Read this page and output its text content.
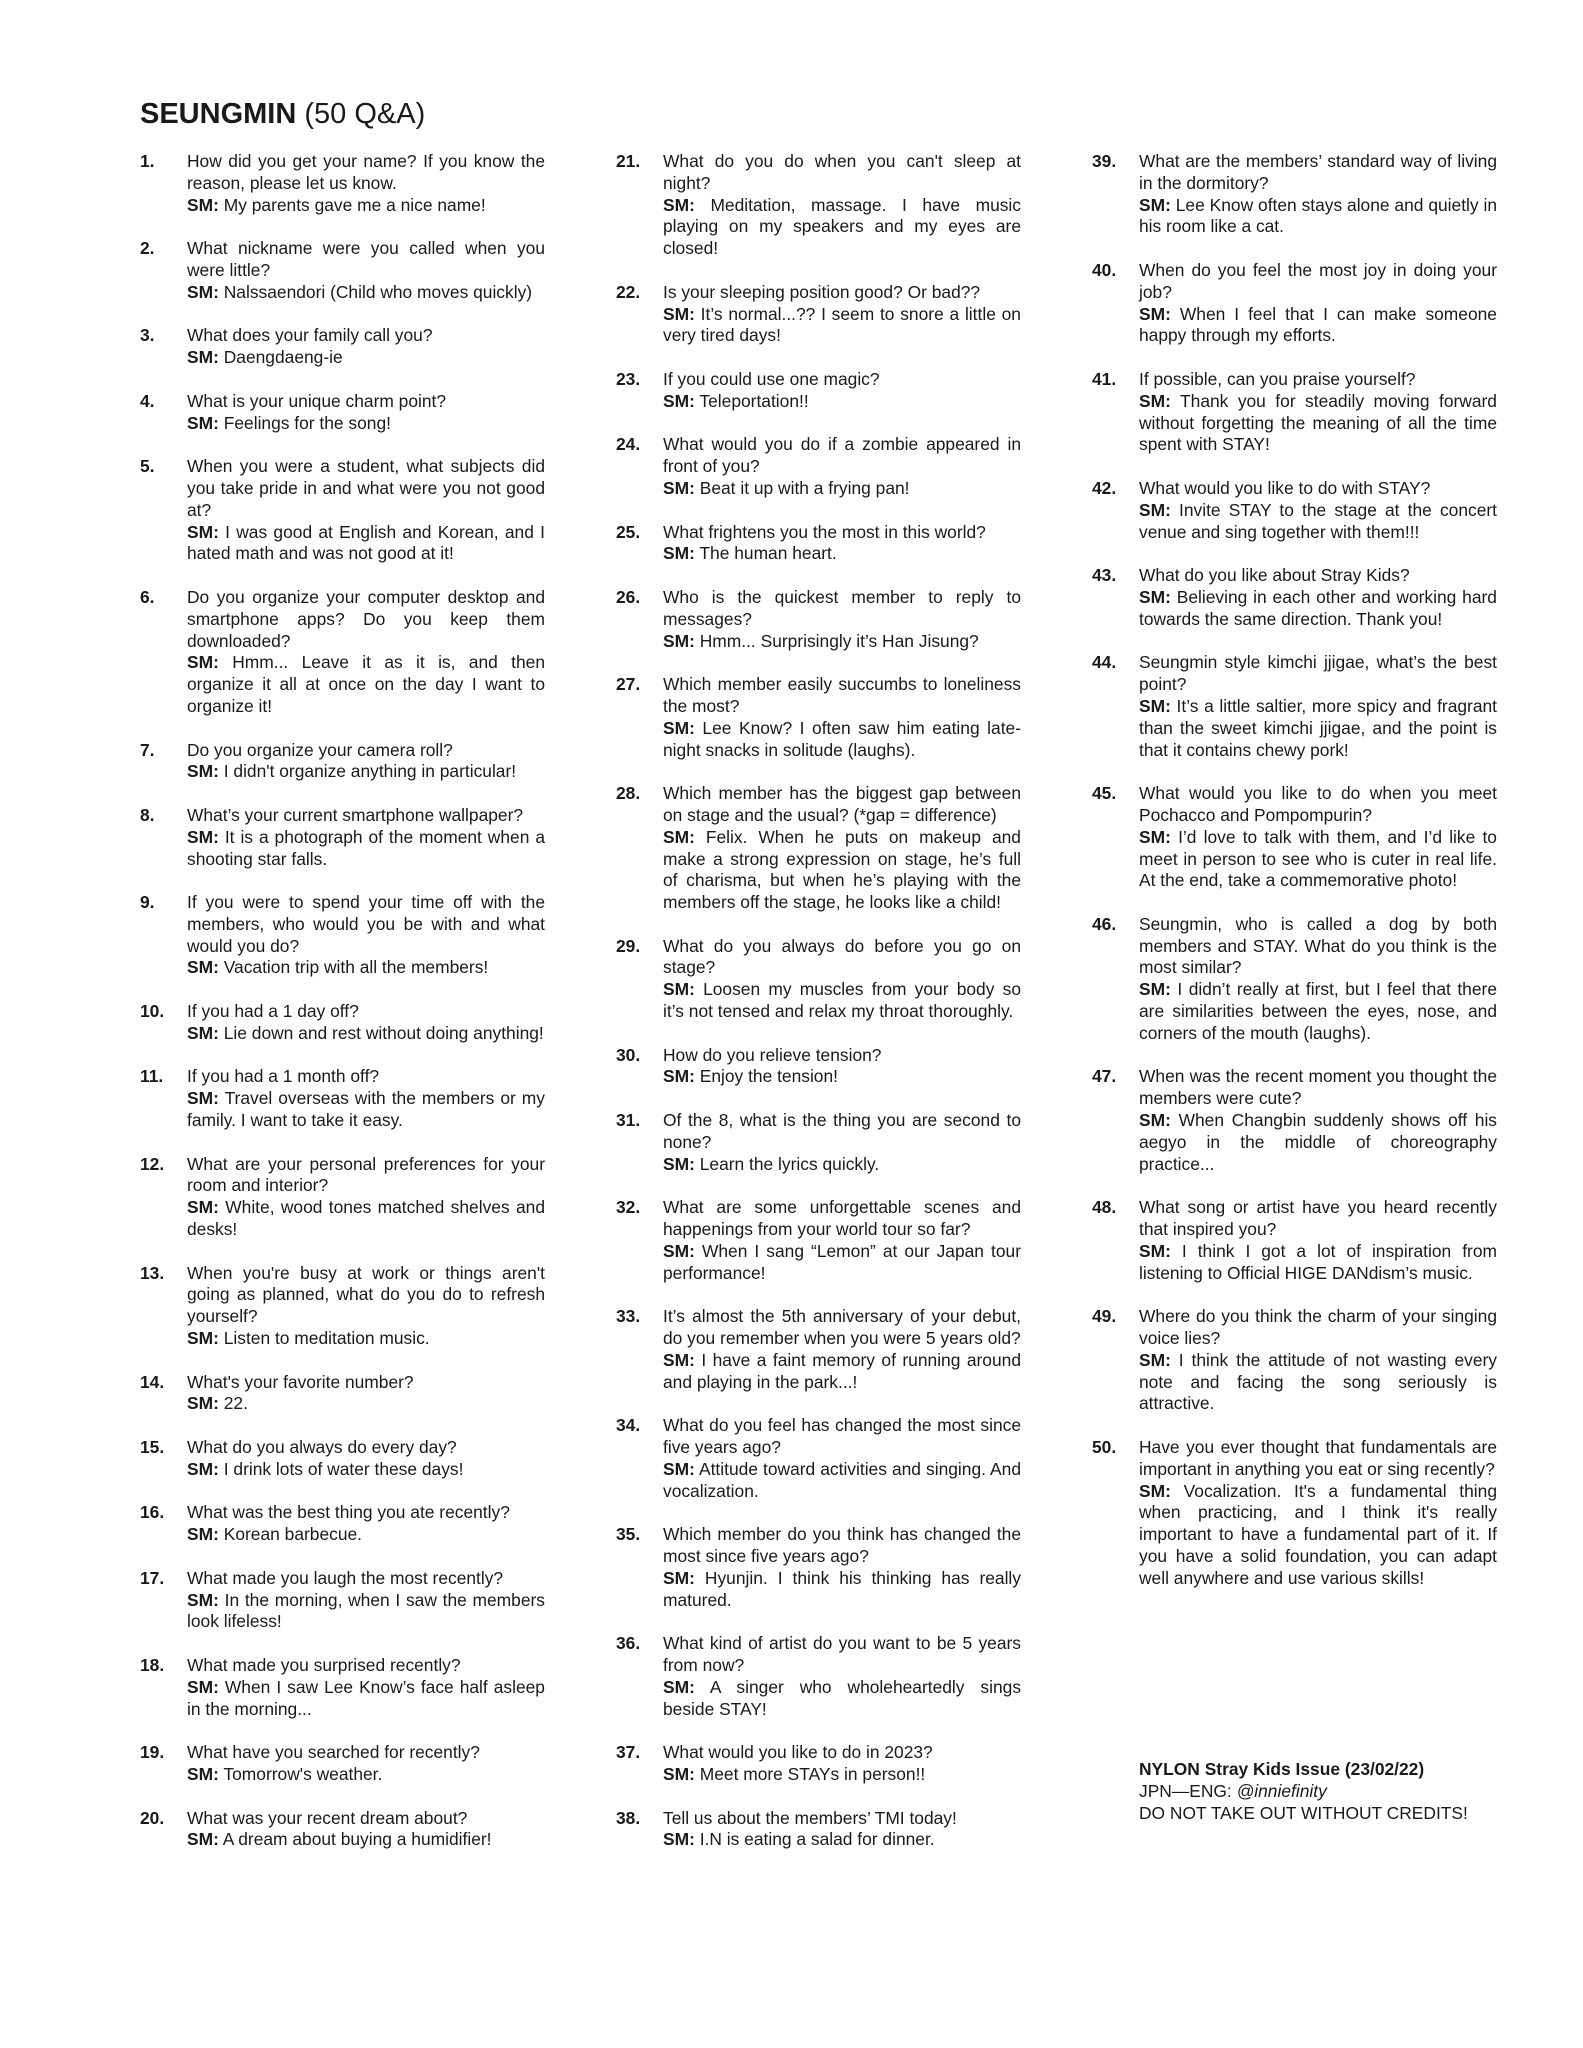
SEUNGMIN (50 Q&A)
1. How did you get your name? If you know the reason, please let us know.
SM: My parents gave me a nice name!
2. What nickname were you called when you were little?
SM: Nalssaendori (Child who moves quickly)
3. What does your family call you?
SM: Daengdaeng-ie
4. What is your unique charm point?
SM: Feelings for the song!
5. When you were a student, what subjects did you take pride in and what were you not good at?
SM: I was good at English and Korean, and I hated math and was not good at it!
6. Do you organize your computer desktop and smartphone apps? Do you keep them downloaded?
SM: Hmm... Leave it as it is, and then organize it all at once on the day I want to organize it!
7. Do you organize your camera roll?
SM: I didn't organize anything in particular!
8. What’s your current smartphone wallpaper?
SM: It is a photograph of the moment when a shooting star falls.
9. If you were to spend your time off with the members, who would you be with and what would you do?
SM: Vacation trip with all the members!
10. If you had a 1 day off?
SM: Lie down and rest without doing anything!
11. If you had a 1 month off?
SM: Travel overseas with the members or my family. I want to take it easy.
12. What are your personal preferences for your room and interior?
SM: White, wood tones matched shelves and desks!
13. When you're busy at work or things aren't going as planned, what do you do to refresh yourself?
SM: Listen to meditation music.
14. What's your favorite number?
SM: 22.
15. What do you always do every day?
SM: I drink lots of water these days!
16. What was the best thing you ate recently?
SM: Korean barbecue.
17. What made you laugh the most recently?
SM: In the morning, when I saw the members look lifeless!
18. What made you surprised recently?
SM: When I saw Lee Know’s face half asleep in the morning...
19. What have you searched for recently?
SM: Tomorrow's weather.
20. What was your recent dream about?
SM: A dream about buying a humidifier!
21. What do you do when you can't sleep at night?
SM: Meditation, massage. I have music playing on my speakers and my eyes are closed!
22. Is your sleeping position good? Or bad??
SM: It’s normal...?? I seem to snore a little on very tired days!
23. If you could use one magic?
SM: Teleportation!!
24. What would you do if a zombie appeared in front of you?
SM: Beat it up with a frying pan!
25. What frightens you the most in this world?
SM: The human heart.
26. Who is the quickest member to reply to messages?
SM: Hmm... Surprisingly it’s Han Jisung?
27. Which member easily succumbs to loneliness the most?
SM: Lee Know? I often saw him eating late-night snacks in solitude (laughs).
28. Which member has the biggest gap between on stage and the usual? (*gap = difference)
SM: Felix. When he puts on makeup and make a strong expression on stage, he’s full of charisma, but when he’s playing with the members off the stage, he looks like a child!
29. What do you always do before you go on stage?
SM: Loosen my muscles from your body so it’s not tensed and relax my throat thoroughly.
30. How do you relieve tension?
SM: Enjoy the tension!
31. Of the 8, what is the thing you are second to none?
SM: Learn the lyrics quickly.
32. What are some unforgettable scenes and happenings from your world tour so far?
SM: When I sang “Lemon” at our Japan tour performance!
33. It’s almost the 5th anniversary of your debut, do you remember when you were 5 years old?
SM: I have a faint memory of running around and playing in the park...!
34. What do you feel has changed the most since five years ago?
SM: Attitude toward activities and singing. And vocalization.
35. Which member do you think has changed the most since five years ago?
SM: Hyunjin. I think his thinking has really matured.
36. What kind of artist do you want to be 5 years from now?
SM: A singer who wholeheartedly sings beside STAY!
37. What would you like to do in 2023?
SM: Meet more STAYs in person!!
38. Tell us about the members’ TMI today!
SM: I.N is eating a salad for dinner.
39. What are the members’ standard way of living in the dormitory?
SM: Lee Know often stays alone and quietly in his room like a cat.
40. When do you feel the most joy in doing your job?
SM: When I feel that I can make someone happy through my efforts.
41. If possible, can you praise yourself?
SM: Thank you for steadily moving forward without forgetting the meaning of all the time spent with STAY!
42. What would you like to do with STAY?
SM: Invite STAY to the stage at the concert venue and sing together with them!!!
43. What do you like about Stray Kids?
SM: Believing in each other and working hard towards the same direction. Thank you!
44. Seungmin style kimchi jjigae, what’s the best point?
SM: It’s a little saltier, more spicy and fragrant than the sweet kimchi jjigae, and the point is that it contains chewy pork!
45. What would you like to do when you meet Pochacco and Pompompurin?
SM: I’d love to talk with them, and I’d like to meet in person to see who is cuter in real life. At the end, take a commemorative photo!
46. Seungmin, who is called a dog by both members and STAY. What do you think is the most similar?
SM: I didn’t really at first, but I feel that there are similarities between the eyes, nose, and corners of the mouth (laughs).
47. When was the recent moment you thought the members were cute?
SM: When Changbin suddenly shows off his aegyo in the middle of choreography practice...
48. What song or artist have you heard recently that inspired you?
SM: I think I got a lot of inspiration from listening to Official HIGE DANdism’s music.
49. Where do you think the charm of your singing voice lies?
SM: I think the attitude of not wasting every note and facing the song seriously is attractive.
50. Have you ever thought that fundamentals are important in anything you eat or sing recently?
SM: Vocalization. It's a fundamental thing when practicing, and I think it's really important to have a fundamental part of it. If you have a solid foundation, you can adapt well anywhere and use various skills!
NYLON Stray Kids Issue (23/02/22)
JPN—ENG: @inniefinity
DO NOT TAKE OUT WITHOUT CREDITS!
